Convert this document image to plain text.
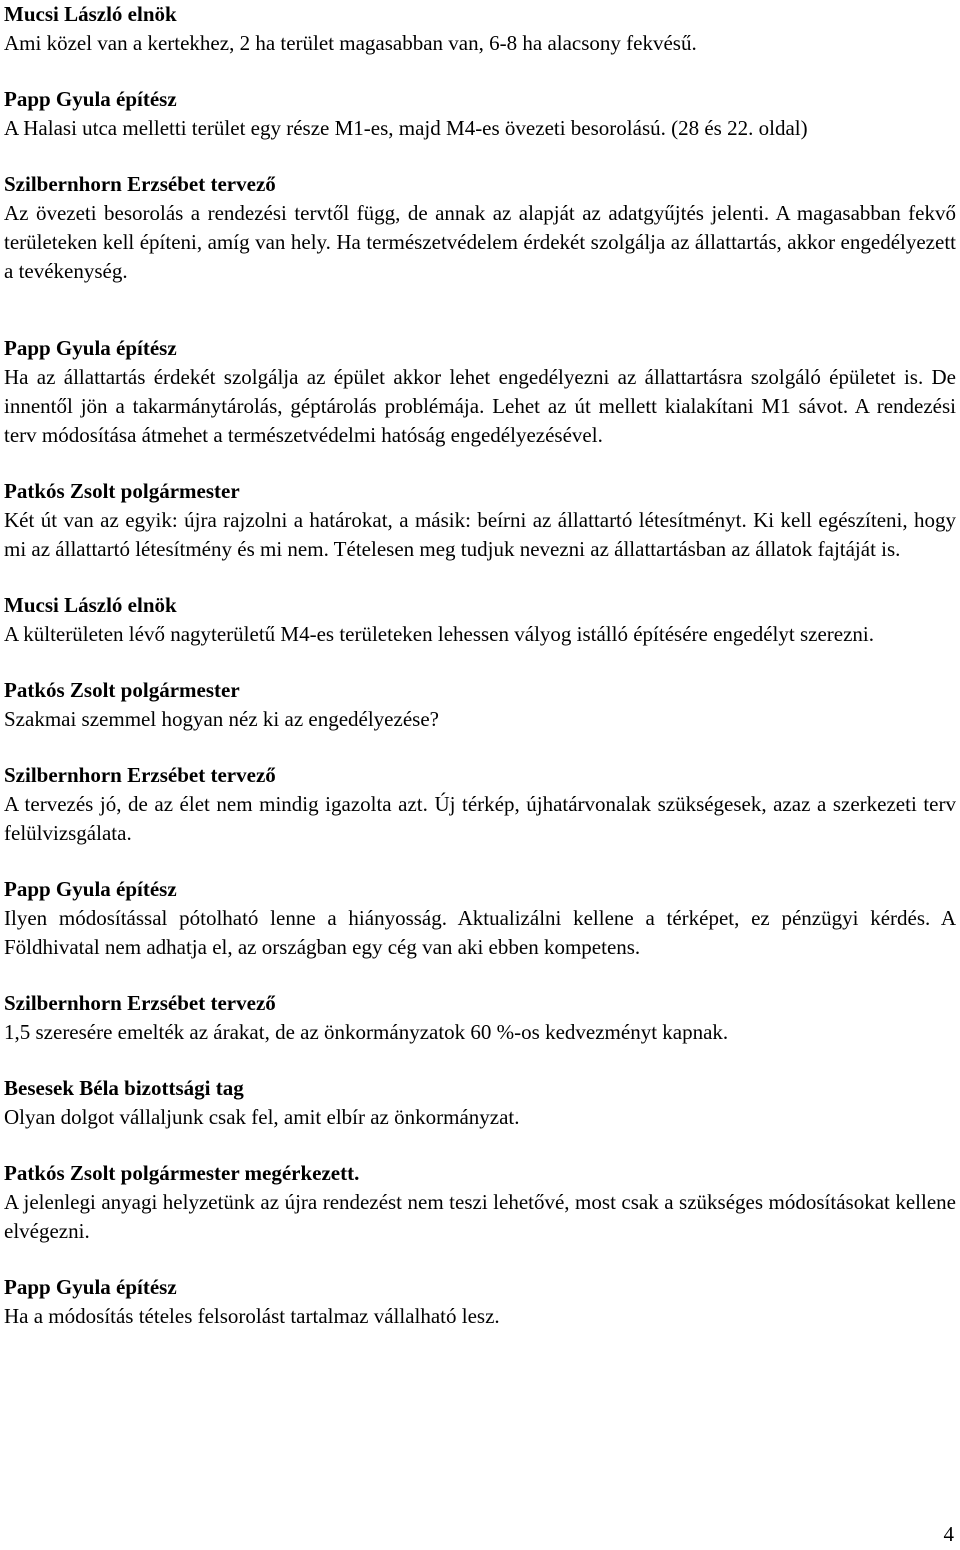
Mucsi László elnök

Ami közel van a kertekhez, 2 ha terület magasabban van, 6-8 ha alacsony fekvésű.

Papp Gyula építész

A Halasi utca melletti terület egy része M1-es, majd M4-es övezeti besorolású. (28 és 22. oldal)

Szilbernhorn Erzsébet tervező

Az övezeti besorolás a rendezési tervtől függ, de annak az alapját az adatgyűjtés jelenti. A magasabban fekvő területeken kell építeni, amíg van hely. Ha természetvédelem érdekét szolgálja az állattartás, akkor engedélyezett a tevékenység.

Papp Gyula építész

Ha az állattartás érdekét szolgálja az épület akkor lehet engedélyezni az állattartásra szolgáló épületet is. De innentől jön a takarmánytárolás, géptárolás problémája. Lehet az út mellett kialakítani M1 sávot. A rendezési terv módosítása átmehet a természetvédelmi hatóság engedélyezésével.

Patkós Zsolt polgármester

Két út van az egyik: újra rajzolni a határokat, a másik: beírni az állattartó létesítményt. Ki kell egészíteni, hogy mi az állattartó létesítmény és mi nem. Tételesen meg tudjuk nevezni az állattartásban az állatok fajtáját is.

Mucsi László elnök

A külterületen lévő nagyterületű M4-es területeken lehessen vályog istálló építésére engedélyt szerezni.

Patkós Zsolt polgármester

Szakmai szemmel hogyan néz ki az engedélyezése?

Szilbernhorn Erzsébet tervező

A tervezés jó, de az élet nem mindig igazolta azt. Új térkép, újhatárvonalak szükségesek, azaz a szerkezeti terv felülvizsgálata.

Papp Gyula építész

Ilyen módosítással pótolható lenne a hiányosság. Aktualizálni kellene a térképet, ez pénzügyi kérdés. A Földhivatal nem adhatja el, az országban egy cég van aki ebben kompetens.

Szilbernhorn Erzsébet tervező

1,5 szeresére emelték az árakat, de az önkormányzatok 60 %-os kedvezményt kapnak.

Besesek Béla bizottsági tag

Olyan dolgot vállaljunk csak fel, amit elbír az önkormányzat.

Patkós Zsolt polgármester megérkezett.

A jelenlegi anyagi helyzetünk az újra rendezést nem teszi lehetővé, most csak a szükséges módosításokat kellene elvégezni.

Papp Gyula építész

Ha a módosítás tételes felsorolást tartalmaz vállalható lesz.

4
